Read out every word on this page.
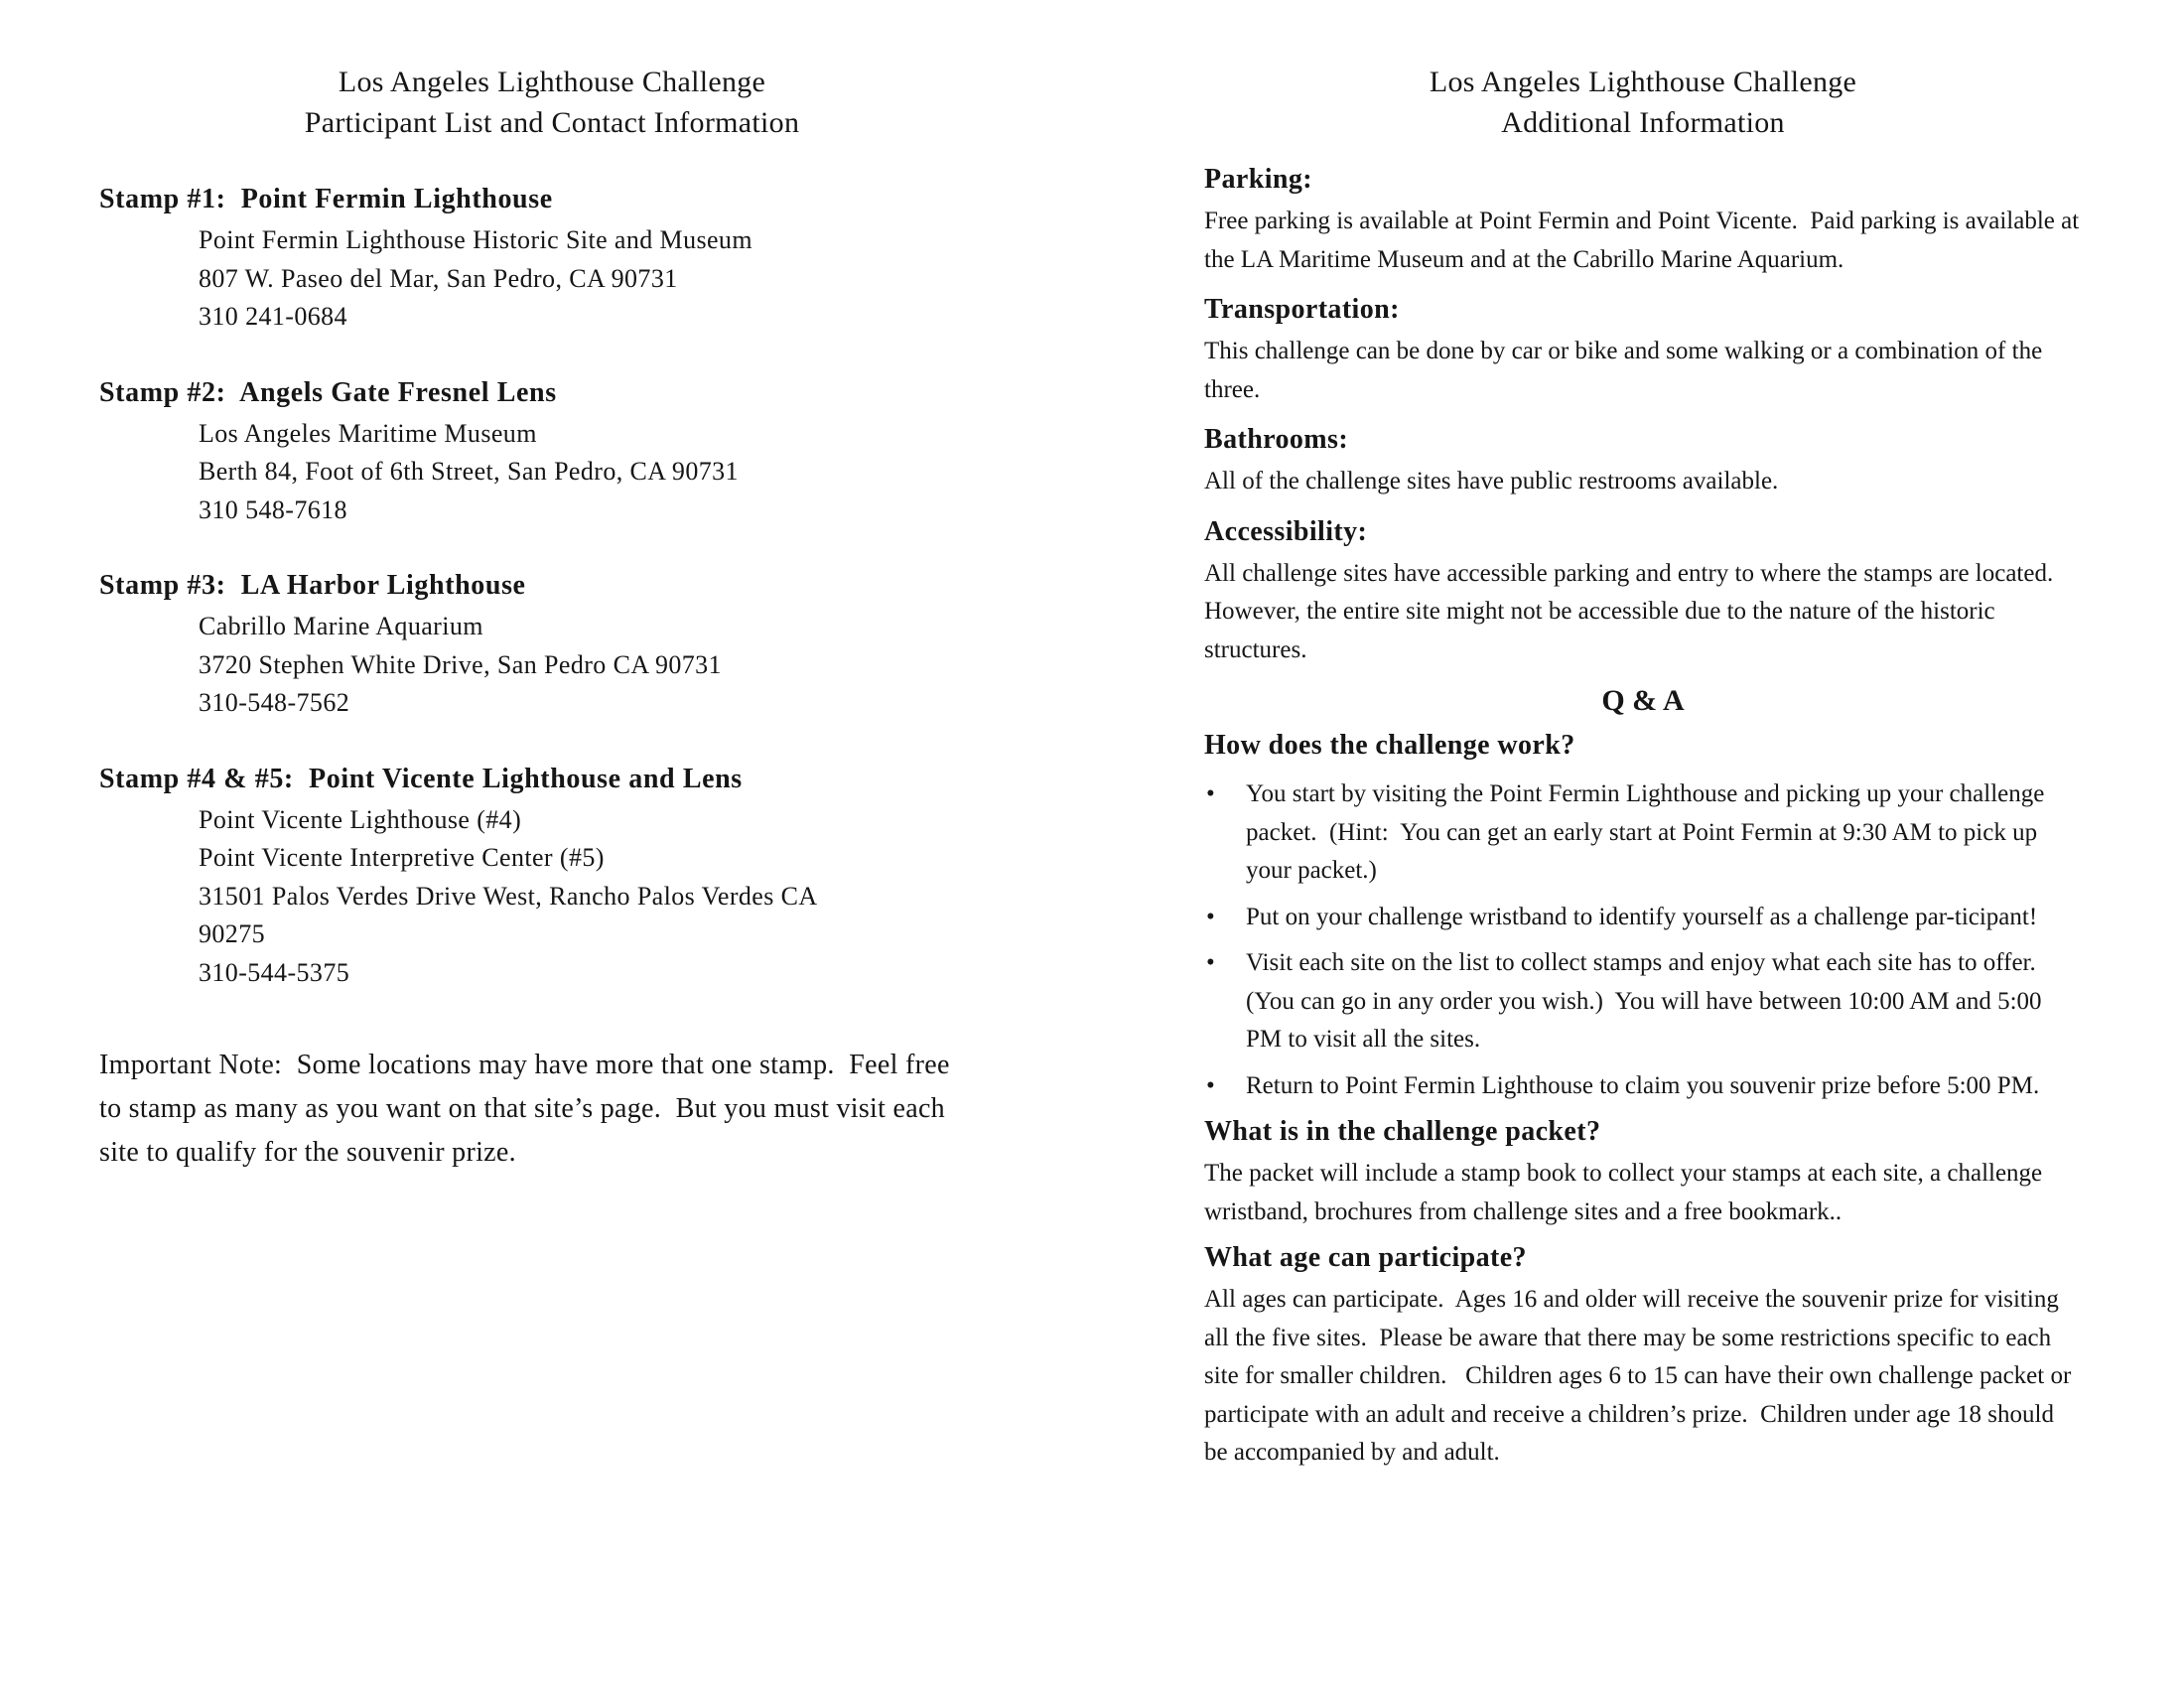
Los Angeles Lighthouse Challenge
Participant List and Contact Information
Stamp #1:  Point Fermin Lighthouse
Point Fermin Lighthouse Historic Site and Museum
807 W. Paseo del Mar, San Pedro, CA 90731
310 241-0684
Stamp #2:  Angels Gate Fresnel Lens
Los Angeles Maritime Museum
Berth 84, Foot of 6th Street, San Pedro, CA 90731
310 548-7618
Stamp #3:  LA Harbor Lighthouse
Cabrillo Marine Aquarium
3720 Stephen White Drive, San Pedro CA 90731
310-548-7562
Stamp #4 & #5:  Point Vicente Lighthouse and Lens
Point Vicente Lighthouse (#4)
Point Vicente Interpretive Center (#5)
31501 Palos Verdes Drive West, Rancho Palos Verdes CA
90275
310-544-5375

Important Note:  Some locations may have more that one stamp.  Feel free to stamp as many as you want on that site’s page.  But you must visit each site to qualify for the souvenir prize.

Los Angeles Lighthouse Challenge
Additional Information
Parking:

Free parking is available at Point Fermin and Point Vicente.  Paid parking is available at the LA Maritime Museum and at the Cabrillo Marine Aquarium.

Transportation:

This challenge can be done by car or bike and some walking or a combination of the three.

Bathrooms:

All of the challenge sites have public restrooms available.

Accessibility:

All challenge sites have accessible parking and entry to where the stamps are located.  However, the entire site might not be accessible due to the nature of the historic structures.

Q & A
How does the challenge work?
• You start by visiting the Point Fermin Lighthouse and picking up your challenge packet.  (Hint:  You can get an early start at Point Fermin at 9:30 AM to pick up your packet.)
• Put on your challenge wristband to identify yourself as a challenge par-ticipant!
• Visit each site on the list to collect stamps and enjoy what each site has to offer.  (You can go in any order you wish.)  You will have between 10:00 AM and 5:00 PM to visit all the sites.
• Return to Point Fermin Lighthouse to claim you souvenir prize before 5:00 PM.
What is in the challenge packet?

The packet will include a stamp book to collect your stamps at each site, a challenge wristband, brochures from challenge sites and a free bookmark..

What age can participate?

All ages can participate.  Ages 16 and older will receive the souvenir prize for visiting all the five sites.  Please be aware that there may be some restrictions specific to each site for smaller children.   Children ages 6 to 15 can have their own challenge packet or participate with an adult and receive a children’s prize.  Children under age 18 should be accompanied by and adult.
